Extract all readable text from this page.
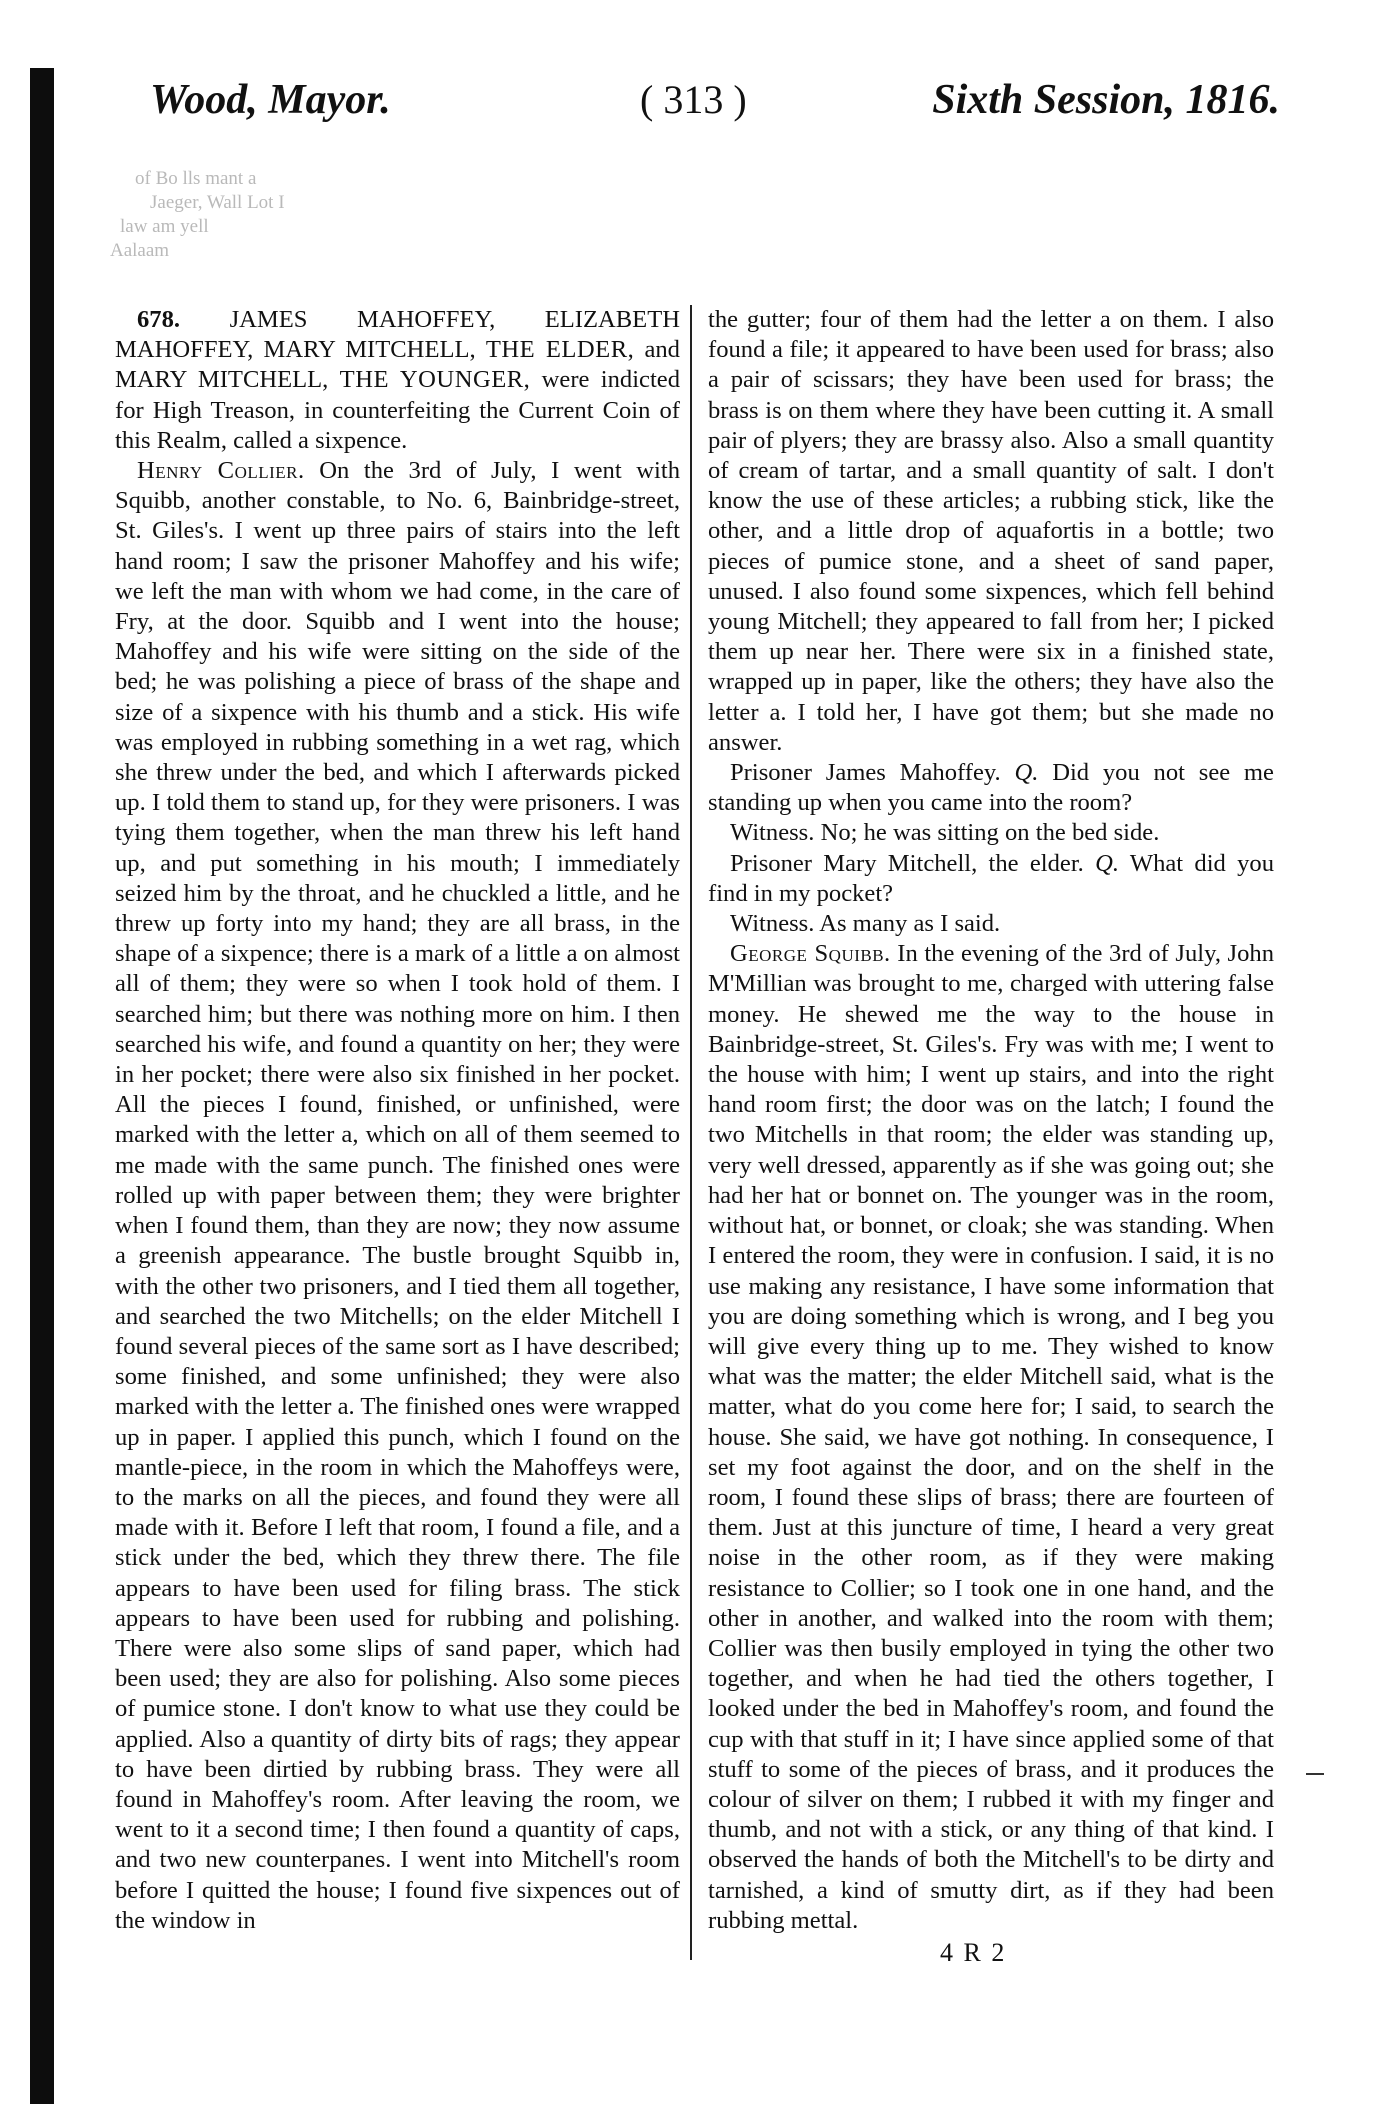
Wood, Mayor.	( 313 )	Sixth Session, 1816.
of Bo lls mant a
Jaeger, Wall Lot I
law am yell
Aalaam

678. JAMES MAHOFFEY, ELIZABETH MAHOFFEY, MARY MITCHELL, THE ELDER, and MARY MITCHELL, THE YOUNGER, were indicted for High Treason, in counterfeiting the Current Coin of this Realm, called a sixpence.

Henry Collier. On the 3rd of July, I went with Squibb, another constable, to No. 6, Bainbridge-street, St. Giles's. I went up three pairs of stairs into the left hand room; I saw the prisoner Mahoffey and his wife; we left the man with whom we had come, in the care of Fry, at the door. Squibb and I went into the house; Mahoffey and his wife were sitting on the side of the bed; he was polishing a piece of brass of the shape and size of a sixpence with his thumb and a stick. His wife was employed in rubbing something in a wet rag, which she threw under the bed, and which I afterwards picked up. I told them to stand up, for they were prisoners. I was tying them together, when the man threw his left hand up, and put something in his mouth; I immediately seized him by the throat, and he chuckled a little, and he threw up forty into my hand; they are all brass, in the shape of a sixpence; there is a mark of a little a on almost all of them; they were so when I took hold of them. I searched him; but there was nothing more on him. I then searched his wife, and found a quantity on her; they were in her pocket; there were also six finished in her pocket. All the pieces I found, finished, or unfinished, were marked with the letter a, which on all of them seemed to me made with the same punch. The finished ones were rolled up with paper between them; they were brighter when I found them, than they are now; they now assume a greenish appearance. The bustle brought Squibb in, with the other two prisoners, and I tied them all together, and searched the two Mitchells; on the elder Mitchell I found several pieces of the same sort as I have described; some finished, and some unfinished; they were also marked with the letter a. The finished ones were wrapped up in paper. I applied this punch, which I found on the mantle-piece, in the room in which the Mahoffeys were, to the marks on all the pieces, and found they were all made with it. Before I left that room, I found a file, and a stick under the bed, which they threw there. The file appears to have been used for filing brass. The stick appears to have been used for rubbing and polishing. There were also some slips of sand paper, which had been used; they are also for polishing. Also some pieces of pumice stone. I don't know to what use they could be applied. Also a quantity of dirty bits of rags; they appear to have been dirtied by rubbing brass. They were all found in Mahoffey's room. After leaving the room, we went to it a second time; I then found a quantity of caps, and two new counterpanes. I went into Mitchell's room before I quitted the house; I found five sixpences out of the window in

the gutter; four of them had the letter a on them. I also found a file; it appeared to have been used for brass; also a pair of scissars; they have been used for brass; the brass is on them where they have been cutting it. A small pair of plyers; they are brassy also. Also a small quantity of cream of tartar, and a small quantity of salt. I don't know the use of these articles; a rubbing stick, like the other, and a little drop of aquafortis in a bottle; two pieces of pumice stone, and a sheet of sand paper, unused. I also found some sixpences, which fell behind young Mitchell; they appeared to fall from her; I picked them up near her. There were six in a finished state, wrapped up in paper, like the others; they have also the letter a. I told her, I have got them; but she made no answer.

Prisoner James Mahoffey. Q. Did you not see me standing up when you came into the room?

Witness. No; he was sitting on the bed side.

Prisoner Mary Mitchell, the elder. Q. What did you find in my pocket?

Witness. As many as I said.

George Squibb. In the evening of the 3rd of July, John M'Millian was brought to me, charged with uttering false money. He shewed me the way to the house in Bainbridge-street, St. Giles's. Fry was with me; I went to the house with him; I went up stairs, and into the right hand room first; the door was on the latch; I found the two Mitchells in that room; the elder was standing up, very well dressed, apparently as if she was going out; she had her hat or bonnet on. The younger was in the room, without hat, or bonnet, or cloak; she was standing. When I entered the room, they were in confusion. I said, it is no use making any resistance, I have some information that you are doing something which is wrong, and I beg you will give every thing up to me. They wished to know what was the matter; the elder Mitchell said, what is the matter, what do you come here for; I said, to search the house. She said, we have got nothing. In consequence, I set my foot against the door, and on the shelf in the room, I found these slips of brass; there are fourteen of them. Just at this juncture of time, I heard a very great noise in the other room, as if they were making resistance to Collier; so I took one in one hand, and the other in another, and walked into the room with them; Collier was then busily employed in tying the other two together, and when he had tied the others together, I looked under the bed in Mahoffey's room, and found the cup with that stuff in it; I have since applied some of that stuff to some of the pieces of brass, and it produces the colour of silver on them; I rubbed it with my finger and thumb, and not with a stick, or any thing of that kind. I observed the hands of both the Mitchell's to be dirty and tarnished, a kind of smutty dirt, as if they had been rubbing mettal.

4 R 2
